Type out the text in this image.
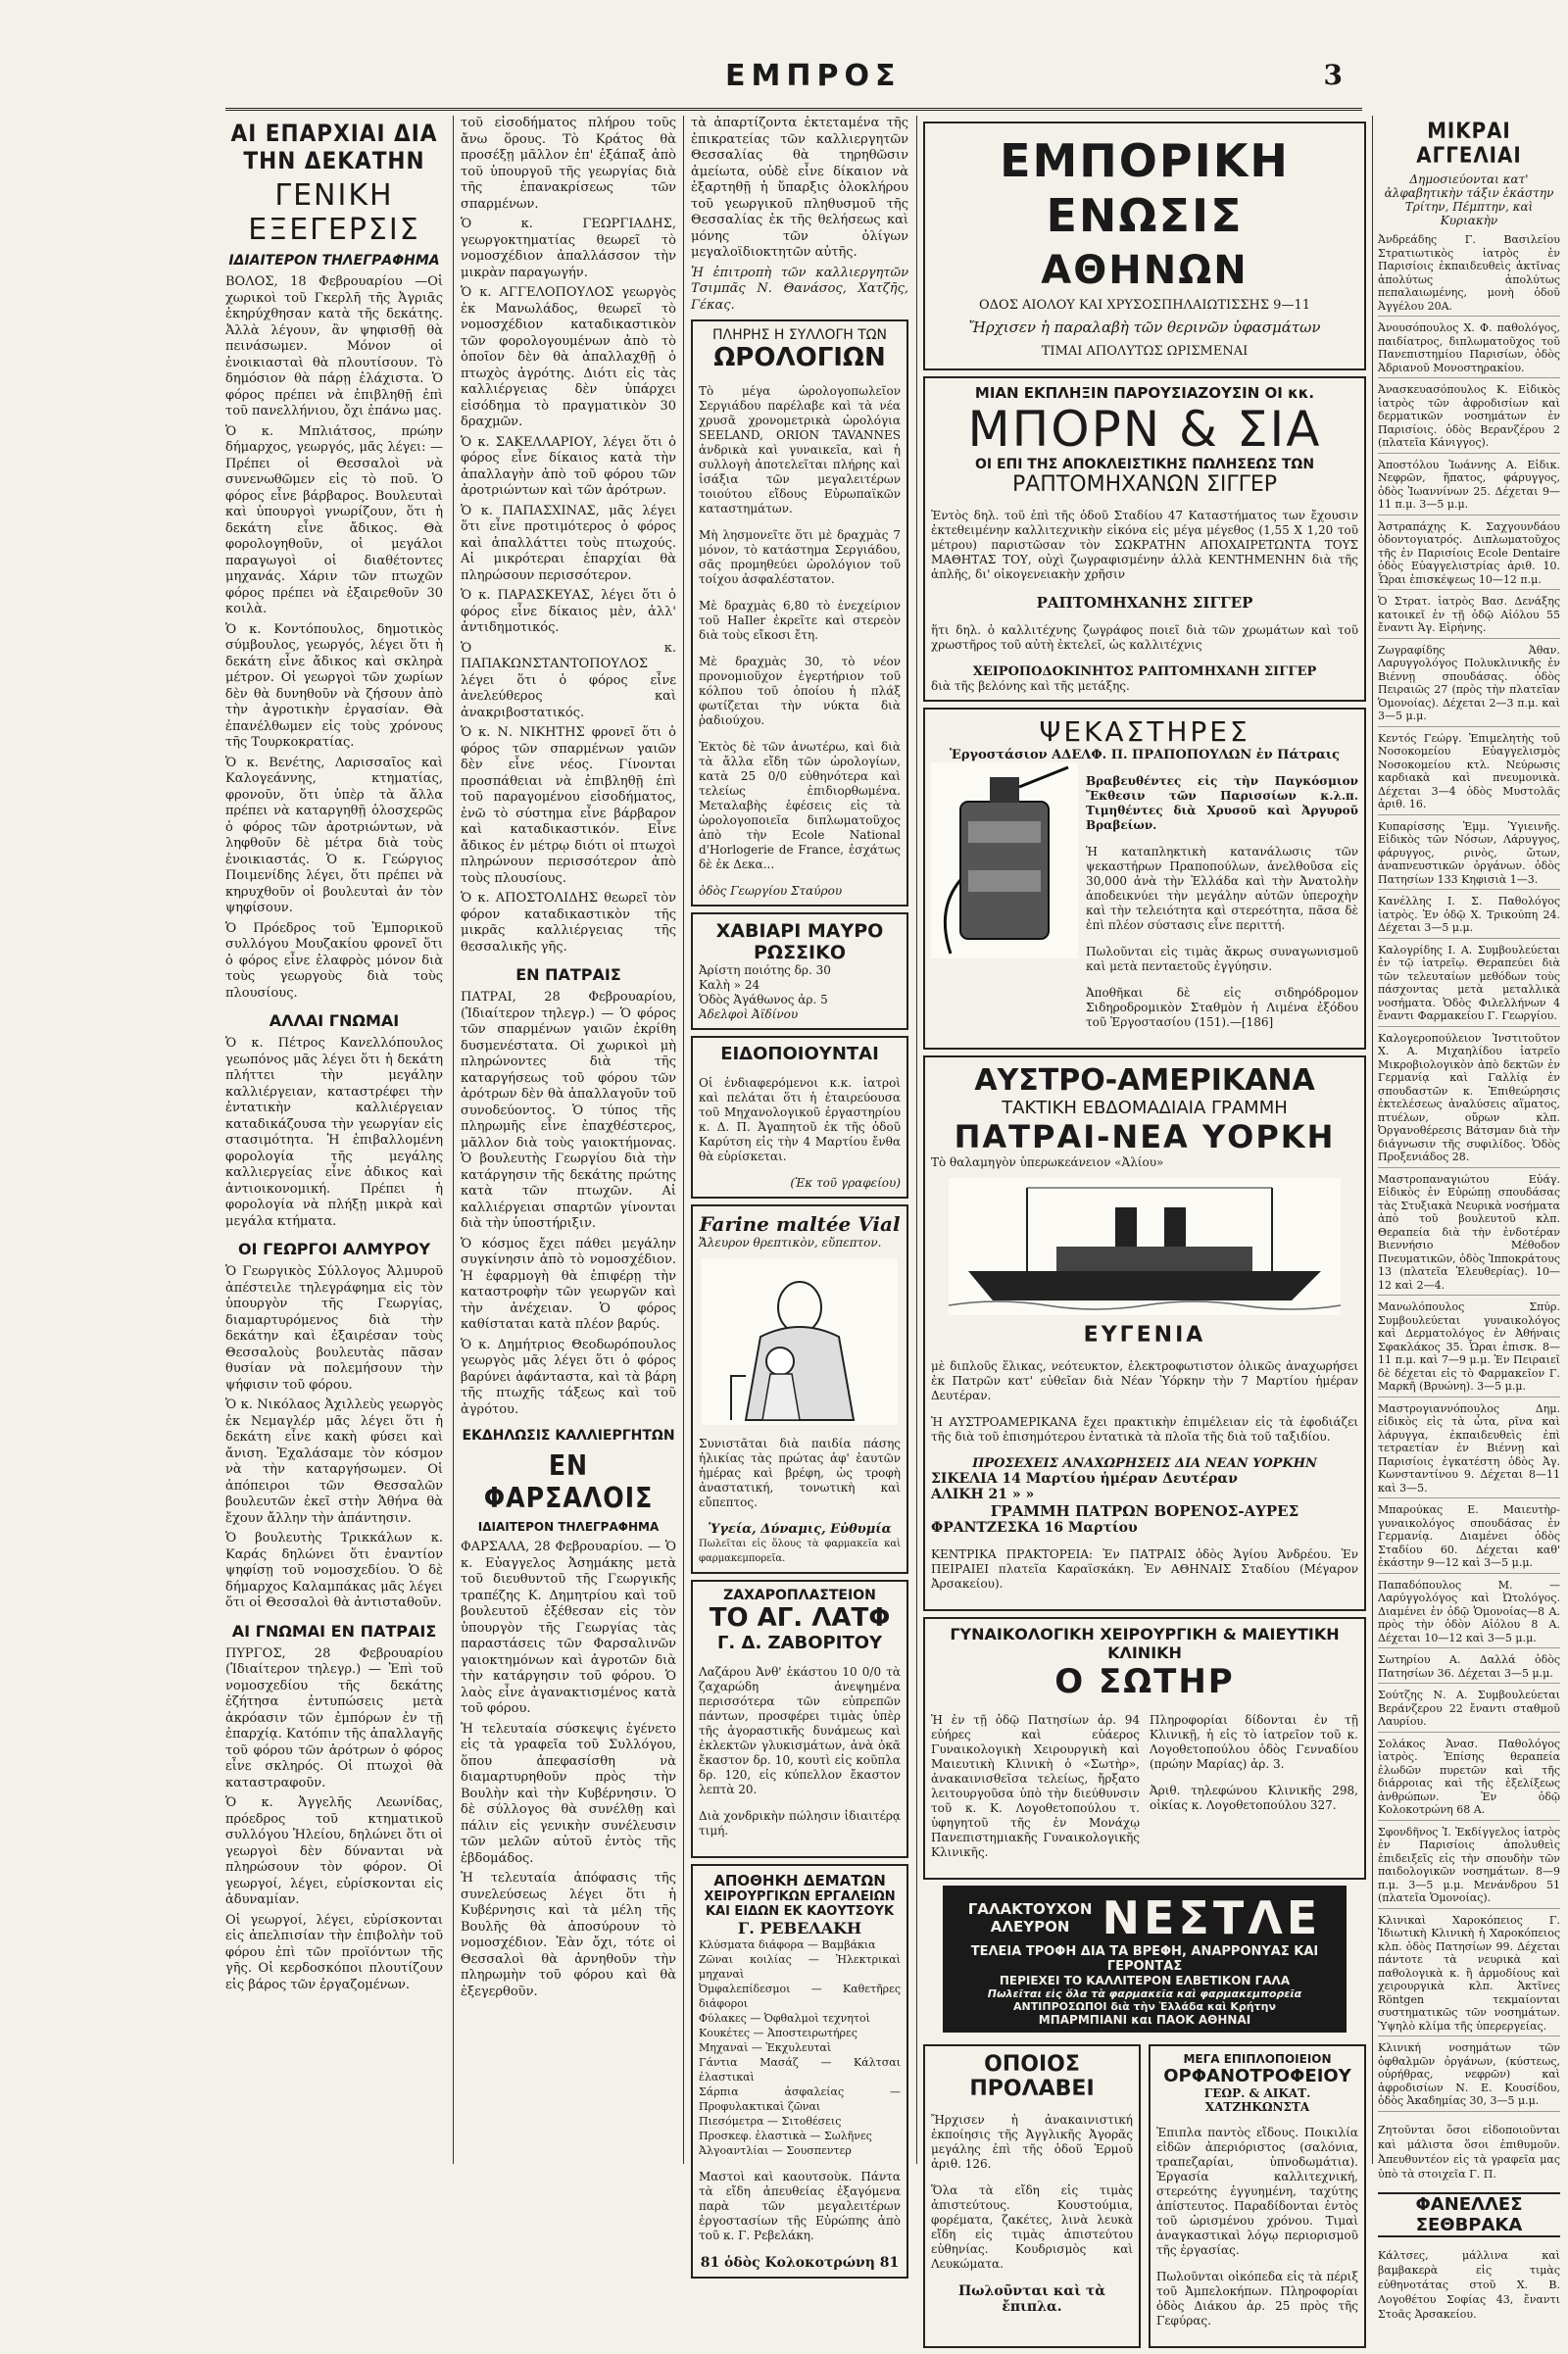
ΕΜΠΡΟΣ	3
ΑΙ ΕΠΑΡΧΙΑΙ ΔΙΑ ΤΗΝ ΔΕΚΑΤΗΝ
ΓΕΝΙΚΗ ΕΞΕΓΕΡΣΙΣ
ΙΔΙΑΙΤΕΡΟΝ ΤΗΛΕΓΡΑΦΗΜΑ

ΒΟΛΟΣ, 18 Φεβρουαρίου —Οἱ χωρικοὶ τοῦ Γκερλῆ τῆς Ἀγριᾶς ἐκηρύχθησαν κατὰ τῆς δεκάτης. Ἀλλὰ λέγουν, ἂν ψηφισθῇ θὰ πεινάσωμεν. Μόνον οἱ ἐνοικιασταὶ θὰ πλουτίσουν. Τὸ δημόσιον θὰ πάρῃ ἐλάχιστα. Ὁ φόρος πρέπει νὰ ἐπιβληθῇ ἐπὶ τοῦ πανελλήνιου, ὄχι ἐπάνω μας.

Ὁ κ. Μπλιάτσος, πρώην δήμαρχος, γεωργός, μᾶς λέγει: —Πρέπει οἱ Θεσσαλοὶ νὰ συνενωθῶμεν εἰς τὸ ποῦ. Ὁ φόρος εἶνε βάρβαρος. Βουλευταὶ καὶ ὑπουργοὶ γνωρίζουν, ὅτι ἡ δεκάτη εἶνε ἄδικος. Θὰ φορολογηθοῦν, οἱ μεγάλοι παραγωγοὶ οἱ διαθέτοντες μηχανάς. Χάριν τῶν πτωχῶν φόρος πρέπει νὰ ἐξαιρεθοῦν 30 κοιλὰ.

Ὁ κ. Κοντόπουλος, δημοτικὸς σύμβουλος, γεωργός, λέγει ὅτι ἡ δεκάτη εἶνε ἄδικος καὶ σκληρὰ μέτρον. Οἱ γεωργοὶ τῶν χωρίων δὲν θὰ δυνηθοῦν νὰ ζήσουν ἀπὸ τὴν ἀγροτικὴν ἐργασίαν. Θὰ ἐπανέλθωμεν εἰς τοὺς χρόνους τῆς Τουρκοκρατίας.

Ὁ κ. Βενέτης, Λαρισσαῖος καὶ Καλογεάννης, κτηματίας, φρονοῦν, ὅτι ὑπὲρ τὰ ἄλλα πρέπει νὰ καταργηθῇ ὁλοσχερῶς ὁ φόρος τῶν ἀροτριώντων, νὰ ληφθοῦν δὲ μέτρα διὰ τοὺς ἐνοικιαστάς. Ὁ κ. Γεώργιος Ποιμενίδης λέγει, ὅτι πρέπει νὰ κηρυχθοῦν οἱ βουλευταὶ ἀν τὸν ψηφίσουν.

Ὁ Πρόεδρος τοῦ Ἐμπορικοῦ συλλόγου Μουζακίου φρονεῖ ὅτι ὁ φόρος εἶνε ἐλαφρὸς μόνον διὰ τοὺς γεωργοὺς διὰ τοὺς πλουσίους.

ΑΛΛΑΙ ΓΝΩΜΑΙ

Ὁ κ. Πέτρος Κανελλόπουλος γεωπόνος μᾶς λέγει ὅτι ἡ δεκάτη πλήττει τὴν μεγάλην καλλιέργειαν, καταστρέφει τὴν ἐντατικὴν καλλιέργειαν καταδικάζουσα τὴν γεωργίαν εἰς στασιμότητα. Ἡ ἐπιβαλλομένη φορολογία τῆς μεγάλης καλλιεργείας εἶνε ἀδικος καὶ ἀντιοικονομική. Πρέπει ἡ φορολογία νὰ πλήξῃ μικρὰ καὶ μεγάλα κτήματα.

ΟΙ ΓΕΩΡΓΟΙ ΑΛΜΥΡΟΥ

Ὁ Γεωργικὸς Σύλλογος Ἀλμυροῦ ἀπέστειλε τηλεγράφημα εἰς τὸν ὑπουργὸν τῆς Γεωργίας, διαμαρτυρόμενος διὰ τὴν δεκάτην καὶ ἐξαιρέσαν τοὺς Θεσσαλοὺς βουλευτὰς πᾶσαν θυσίαν νὰ πολεμήσουν τὴν ψήφισιν τοῦ φόρου.

Ὁ κ. Νικόλαος Ἀχιλλεὺς γεωργὸς ἐκ Νεμαγλέρ μᾶς λέγει ὅτι ἡ δεκάτη εἶνε κακὴ φύσει καὶ ἄνιση. Ἐχαλάσαμε τὸν κόσμον νὰ τὴν καταργήσωμεν. Οἱ ἀπόπειροι τῶν Θεσσαλῶν βουλευτῶν ἐκεῖ στὴν Ἀθήνα θὰ ἔχουν ἄλλην τὴν ἀπάντησιν.

Ὁ βουλευτὴς Τρικκάλων κ. Καράς δηλώνει ὅτι ἐναντίον ψηφίσῃ τοῦ νομοσχεδίου. Ὁ δὲ δήμαρχος Καλαμπάκας μᾶς λέγει ὅτι οἱ Θεσσαλοὶ θὰ ἀντισταθοῦν.

ΑΙ ΓΝΩΜΑΙ ΕΝ ΠΑΤΡΑΙΣ

ΠΥΡΓΟΣ, 28 Φεβρουαρίου (Ἰδιαίτερον τηλεγρ.) — Ἐπὶ τοῦ νομοσχεδίου τῆς δεκάτης ἐζήτησα ἐντυπώσεις μετὰ ἀκρόασιν τῶν ἐμπόρων ἐν τῇ ἐπαρχίᾳ. Κατόπιν τῆς ἀπαλλαγῆς τοῦ φόρου τῶν ἀρότρων ὁ φόρος εἶνε σκληρός. Οἱ πτωχοὶ θὰ καταστραφοῦν.

Ὁ κ. Ἀγγελῆς Λεωνίδας, πρόεδρος τοῦ κτηματικοῦ συλλόγου Ἠλείου, δηλώνει ὅτι οἱ γεωργοὶ δὲν δύνανται νὰ πληρώσουν τὸν φόρον. Οἱ γεωργοί, λέγει, εὑρίσκονται εἰς ἀδυναμίαν.

Οἱ γεωργοί, λέγει, εὑρίσκονται εἰς ἀπελπισίαν τὴν ἐπιβολὴν τοῦ φόρου ἐπὶ τῶν προϊόντων τῆς γῆς. Οἱ κερδοσκόποι πλουτίζουν εἰς βάρος τῶν ἐργαζομένων.

τοῦ εἰσοδήματος πλήρου τοῦς ἄνω ὅρους. Τὸ Κράτος θὰ προσέξῃ μᾶλλον ἐπ' ἐξάπαξ ἀπὸ τοῦ ὑπουργοῦ τῆς γεωργίας διὰ τῆς ἐπανακρίσεως τῶν σπαρμένων.

Ὁ κ. ΓΕΩΡΓΙΑΔΗΣ, γεωργοκτηματίας θεωρεῖ τὸ νομοσχέδιον ἀπαλλάσσον τὴν μικρὰν παραγωγήν.

Ὁ κ. ΑΓΓΕΛΟΠΟΥΛΟΣ γεωργὸς ἐκ Μανωλάδος, θεωρεῖ τὸ νομοσχέδιον καταδικαστικὸν τῶν φορολογουμένων ἀπὸ τὸ ὁποῖον δὲν θὰ ἀπαλλαχθῇ ὁ πτωχὸς ἀγρότης. Διότι εἰς τὰς καλλιέργειας δὲν ὑπάρχει εἰσόδημα τὸ πραγματικὸν 30 δραχμῶν.

Ὁ κ. ΣΑΚΕΛΛΑΡΙΟΥ, λέγει ὅτι ὁ φόρος εἶνε δίκαιος κατὰ τὴν ἀπαλλαγὴν ἀπὸ τοῦ φόρου τῶν ἀροτριώντων καὶ τῶν ἀρότρων.

Ὁ κ. ΠΑΠΑΣΧΙΝΑΣ, μᾶς λέγει ὅτι εἶνε προτιμότερος ὁ φόρος καὶ ἀπαλλάττει τοὺς πτωχούς. Αἱ μικρότεραι ἐπαρχίαι θὰ πληρώσουν περισσότερον.

Ὁ κ. ΠΑΡΑΣΚΕΥΑΣ, λέγει ὅτι ὁ φόρος εἶνε δίκαιος μὲν, ἀλλ' ἀντιδημοτικός.

Ὁ κ. ΠΑΠΑΚΩΝΣΤΑΝΤΟΠΟΥΛΟΣ λέγει ὅτι ὁ φόρος εἶνε ἀνελεύθερος καὶ ἀνακριβοστατικός.

Ὁ κ. Ν. ΝΙΚΗΤΗΣ φρονεῖ ὅτι ὁ φόρος τῶν σπαρμένων γαιῶν δὲν εἶνε νέος. Γίνονται προσπάθειαι νὰ ἐπιβληθῇ ἐπὶ τοῦ παραγομένου εἰσοδήματος, ἐνῶ τὸ σύστημα εἶνε βάρβαρον καὶ καταδικαστικόν. Εἶνε ἄδικος ἐν μέτρῳ διότι οἱ πτωχοὶ πληρώνουν περισσότερον ἀπὸ τοὺς πλουσίους.

Ὁ κ. ΑΠΟΣΤΟΛΙΔΗΣ θεωρεῖ τὸν φόρον καταδικαστικὸν τῆς μικρᾶς καλλιέργειας τῆς θεσσαλικῆς γῆς.

ΕΝ ΠΑΤΡΑΙΣ

ΠΑΤΡΑΙ, 28 Φεβρουαρίου, (Ἰδιαίτερον τηλεγρ.) — Ὁ φόρος τῶν σπαρμένων γαιῶν ἐκρίθη δυσμενέστατα. Οἱ χωρικοὶ μὴ πληρώνοντες διὰ τῆς καταργήσεως τοῦ φόρου τῶν ἀρότρων δὲν θὰ ἀπαλλαγοῦν τοῦ συνοδεύοντος. Ὁ τύπος τῆς πληρωμῆς εἶνε ἐπαχθέστερος, μᾶλλον διὰ τοὺς γαιοκτήμονας. Ὁ βουλευτὴς Γεωργίου διὰ τὴν κατάργησιν τῆς δεκάτης πρώτης κατὰ τῶν πτωχῶν. Αἱ καλλιέργειαι σπαρτῶν γίνονται διὰ τὴν ὑποστήριξιν.

Ὁ κόσμος ἔχει πάθει μεγάλην συγκίνησιν ἀπὸ τὸ νομοσχέδιον. Ἡ ἐφαρμογὴ θὰ ἐπιφέρῃ τὴν καταστροφὴν τῶν γεωργῶν καὶ τὴν ἀνέχειαν. Ὁ φόρος καθίσταται κατὰ πλέον βαρύς.

Ὁ κ. Δημήτριος Θεοδωρόπουλος γεωργὸς μᾶς λέγει ὅτι ὁ φόρος βαρύνει ἀφάνταστα, καὶ τὰ βάρη τῆς πτωχῆς τάξεως καὶ τοῦ ἀγρότου.

ΕΚΔΗΛΩΣΙΣ ΚΑΛΛΙΕΡΓΗΤΩΝ
ΕΝ ΦΑΡΣΑΛΟΙΣ
ΙΔΙΑΙΤΕΡΟΝ ΤΗΛΕΓΡΑΦΗΜΑ

ΦΑΡΣΑΛΑ, 28 Φεβρουαρίου. — Ὁ κ. Εὐαγγελος Ἀσημάκης μετὰ τοῦ διευθυντοῦ τῆς Γεωργικῆς τραπέζης Κ. Δημητρίου καὶ τοῦ βουλευτοῦ ἐξέθεσαν εἰς τὸν ὑπουργὸν τῆς Γεωργίας τὰς παραστάσεις τῶν Φαρσαλινῶν γαιοκτημόνων καὶ ἀγροτῶν διὰ τὴν κατάργησιν τοῦ φόρου. Ὁ λαὸς εἶνε ἀγανακτισμένος κατὰ τοῦ φόρου.

Ἡ τελευταία σύσκεψις ἐγένετο εἰς τὰ γραφεῖα τοῦ Συλλόγου, ὅπου ἀπεφασίσθη νὰ διαμαρτυρηθοῦν πρὸς τὴν Βουλὴν καὶ τὴν Κυβέρνησιν. Ὁ δὲ σύλλογος θὰ συνέλθῃ καὶ πάλιν εἰς γενικὴν συνέλευσιν τῶν μελῶν αὐτοῦ ἐντὸς τῆς ἑβδομάδος.

Ἡ τελευταία ἀπόφασις τῆς συνελεύσεως λέγει ὅτι ἡ Κυβέρνησις καὶ τὰ μέλη τῆς Βουλῆς θὰ ἀποσύρουν τὸ νομοσχέδιον. Ἐὰν ὄχι, τότε οἱ Θεσσαλοὶ θὰ ἀρνηθοῦν τὴν πληρωμὴν τοῦ φόρου καὶ θὰ ἐξεγερθοῦν.

τὰ ἀπαρτίζοντα ἐκτεταμένα τῆς ἐπικρατείας τῶν καλλιεργητῶν Θεσσαλίας θὰ τηρηθῶσιν ἀμείωτα, οὐδὲ εἶνε δίκαιον νὰ ἐξαρτηθῇ ἡ ὕπαρξις ὁλοκλήρου τοῦ γεωργικοῦ πληθυσμοῦ τῆς Θεσσαλίας ἐκ τῆς θελήσεως καὶ μόνης τῶν ὀλίγων μεγαλοϊδιοκτητῶν αὐτῆς.

Ἡ ἐπιτροπὴ τῶν καλλιεργητῶν Τσιμπᾶς Ν. Θανάσος, Χατζῆς, Γέκας.

ΠΛΗΡΗΣ Η ΣΥΛΛΟΓΗ ΤΩΝ
ΩΡΟΛΟΓΙΩΝ

Τὸ μέγα ὡρολογοπωλεῖον Σεργιάδου παρέλαβε καὶ τὰ νέα χρυσᾶ χρονομετρικὰ ὡρολόγια SEELAND, ORION TAVANNES ἀνδρικὰ καὶ γυναικεῖα, καὶ ἡ συλλογὴ ἀποτελεῖται πλήρης καὶ ἰσάξια τῶν μεγαλειτέρων τοιούτου εἴδους Εὐρωπαϊκῶν καταστημάτων.

Μὴ λησμονεῖτε ὅτι μὲ δραχμὰς 7 μόνον, τὸ κατάστημα Σεργιάδου, σᾶς προμηθεύει ὡρολόγιον τοῦ τοίχου ἀσφαλέστατον.

Μὲ δραχμὰς 6,80 τὸ ἐνεχείριον τοῦ HaIler ἐκρεῖτε καὶ στερεὸν διὰ τοὺς εἴκοσι ἔτη.

Μὲ δραχμὰς 30, τὸ νέον προνομιοῦχον ἐγερτήριον τοῦ κόλπου τοῦ ὁποίου ἡ πλάξ φωτίζεται τὴν νύκτα διὰ ῥαδιούχου.

Ἐκτὸς δὲ τῶν ἀνωτέρω, καὶ διὰ τὰ ἄλλα εἴδη τῶν ὡρολογίων, κατὰ 25 0/0 εὐθηνότερα καὶ τελείως ἐπιδιορθωμένα. Μεταλαβὴς ἐφέσεις εἰς τὰ ὡρολογοποιεῖα διπλωματοῦχος ἀπὸ τὴν Ecole National d'Horlogerie de France, ἐσχάτως δὲ ἐκ Δεκα...

ὁδὸς Γεωργίου Σταύρου
ΧΑΒΙΑΡΙ ΜΑΥΡΟ ΡΩΣΣΙΚΟ
Ἀρίστη ποιότης δρ. 30
Καλὴ » 24
Ὁδὸς Ἀγάθωνος ἀρ. 5
Ἀδελφοὶ Ἀϊδίνου
ΕΙΔΟΠΟΙΟΥΝΤΑΙ

Οἱ ἐνδιαφερόμενοι κ.κ. ἰατροὶ καὶ πελάται ὅτι ἡ ἐταιρεύουσα τοῦ Μηχανολογικοῦ ἐργαστηρίου κ. Δ. Π. Ἀγαπητοῦ ἐκ τῆς ὁδοῦ Καρύτση εἰς τὴν 4 Μαρτίου ἔνθα θὰ εὑρίσκεται.

(Ἐκ τοῦ γραφείου)
Farine maltée Vial
Ἄλευρον θρεπτικὸν, εὔπεπτον.

Συνιστᾶται διὰ παιδία πάσης ἡλικίας τὰς πρώτας ἀφ' ἑαυτῶν ἡμέρας καὶ βρέφη, ὡς τροφὴ ἀναστατική, τονωτικὴ καὶ εὔπεπτος.

Ὑγεία, Δύναμις, Εὐθυμία
Πωλεῖται εἰς ὅλους τὰ φαρμακεῖα καὶ φαρμακεμπορεῖα.
ΖΑΧΑΡΟΠΛΑΣΤΕΙΟΝ
ΤΟ ΑΓ. ΛΑΤΦ
Γ. Δ. ΖΑΒΟΡΙΤΟΥ

Λαζάρου Ἀνθ' ἑκάστου 10 0/0 τὰ ζαχαρώδη ἀνεψημένα περισσότερα τῶν εὐπρεπῶν πάντων, προσφέρει τιμὰς ὑπὲρ τῆς ἀγοραστικῆς δυνάμεως καὶ ἐκλεκτῶν γλυκισμάτων, ἀνὰ ὀκᾶ ἔκαστον δρ. 10, κουτὶ εἰς κοῦπλα δρ. 120, εἰς κύπελλον ἔκαστον λεπτὰ 20.

Διὰ χονδρικὴν πώλησιν ἰδιαιτέρᾳ τιμή.

ΑΠΟΘΗΚΗ ΔΕΜΑΤΩΝ
ΧΕΙΡΟΥΡΓΙΚΩΝ ΕΡΓΑΛΕΙΩΝ
ΚΑΙ ΕΙΔΩΝ ΕΚ ΚΑΟΥΤΣΟΥΚ
Γ. ΡΕΒΕΛΑΚΗ
Κλύσματα διάφορα — Βαμβάκια
Ζῶναι κοιλίας — Ἠλεκτρικαὶ μηχαναὶ
Ὀμφαλεπίδεσμοι — Καθετῆρες διάφοροι
Φύλακες — Ὀφθαλμοὶ τεχνητοὶ
Κουκέτες — Ἀποστειρωτήρες
Μηχαναὶ — Ἐκχυλευταὶ
Γάντια Μασάζ — Κάλτσαι ἐλαστικαὶ
Σάρπια ἀσφαλείας — Προφυλακτικαὶ ζῶναι
Πιεσόμετρα — Σιτοθέσεις
Προσκεφ. ἐλαστικὰ — Σωλῆνες
Ἀλγοαντλίαι — Σουσπεντερ

Μαστοὶ καὶ καουτσοὺκ. Πάντα τὰ εἴδη ἀπευθείας ἐξαγόμενα παρὰ τῶν μεγαλειτέρων ἐργοστασίων τῆς Εὐρώπης ἀπὸ τοῦ κ. Γ. Ρεβελάκη.

81 ὁδὸς Κολοκοτρώνη 81
ΕΜΠΟΡΙΚΗ ΕΝΩΣΙΣ
ΑΘΗΝΩΝ
ΟΔΟΣ ΑΙΟΛΟΥ ΚΑΙ ΧΡΥΣΟΣΠΗΛΑΙΩΤΙΣΣΗΣ 9—11
Ἤρχισεν ἡ παραλαβὴ τῶν θερινῶν ὑφασμάτων
ΤΙΜΑΙ ΑΠΟΛΥΤΩΣ ΩΡΙΣΜΕΝΑΙ
ΜΙΑΝ ΕΚΠΛΗΞΙΝ ΠΑΡΟΥΣΙΑΖΟΥΣΙΝ ΟΙ κκ.
ΜΠΟΡΝ & ΣΙΑ
ΟΙ ΕΠΙ ΤΗΣ ΑΠΟΚΛΕΙΣΤΙΚΗΣ ΠΩΛΗΣΕΩΣ ΤΩΝ
ΡΑΠΤΟΜΗΧΑΝΩΝ ΣΙΓΓΕΡ

Ἐντὸς δηλ. τοῦ ἐπὶ τῆς ὁδοῦ Σταδίου 47 Καταστήματος των ἔχουσιν ἐκτεθειμένην καλλιτεχνικὴν εἰκόνα εἰς μέγα μέγεθος (1,55 Χ 1,20 τοῦ μέτρου) παριστῶσαν τὸν ΣΩΚΡΑΤΗΝ ΑΠΟΧΑΙΡΕΤΩΝΤΑ ΤΟΥΣ ΜΑΘΗΤΑΣ ΤΟΥ, οὐχὶ ζωγραφισμένην ἀλλὰ ΚΕΝΤΗΜΕΝΗΝ διὰ τῆς ἁπλῆς, δι' οἰκογενειακὴν χρῆσιν

ΡΑΠΤΟΜΗΧΑΝΗΣ ΣΙΓΓΕΡ

ἥτι δηλ. ὁ καλλιτέχνης ζωγράφος ποιεῖ διὰ τῶν χρωμάτων καὶ τοῦ χρωστῆρος τοῦ αὐτὴ ἐκτελεῖ, ὡς καλλιτέχνις

ΧΕΙΡΟΠΟΔΟΚΙΝΗΤΟΣ ΡΑΠΤΟΜΗΧΑΝΗ ΣΙΓΓΕΡ
διὰ τῆς βελόνης καὶ τῆς μετάξης.
ΨΕΚΑΣΤΗΡΕΣ
Ἐργοστάσιον ΑΔΕΛΦ. Π. ΠΡΑΠΟΠΟΥΛΩΝ ἐν Πάτραις

Βραβευθέντες εἰς τὴν Παγκόσμιον Ἔκθεσιν τῶν Παρισσίων κ.λ.π. Τιμηθέντες διὰ Χρυσοῦ καὶ Ἀργυροῦ Βραβείων.

Ἡ καταπληκτικὴ κατανάλωσις τῶν ψεκαστήρων Πραποπούλων, ἀνελθοῦσα εἰς 30,000 ἀνὰ τὴν Ἑλλάδα καὶ τὴν Ἀνατολὴν ἀποδεικνύει τὴν μεγάλην αὐτῶν ὑπεροχὴν καὶ τὴν τελειότητα καὶ στερεότητα, πᾶσα δὲ ἐπὶ πλέον σύστασις εἶνε περιττή.

Πωλοῦνται εἰς τιμὰς ἄκρως συναγωνισμοῦ καὶ μετὰ πενταετοῦς ἐγγύησιν.

Ἀποθῆκαι δὲ εἰς σιδηρόδρομον Σιδηροδρομικὸν Σταθμὸν ἡ Λιμένα ἐξόδου τοῦ Ἐργοστασίου (151).—[186]

ΑΥΣΤΡΟ-ΑΜΕΡΙΚΑΝΑ
ΤΑΚΤΙΚΗ ΕΒΔΟΜΑΔΙΑΙΑ ΓΡΑΜΜΗ
ΠΑΤΡΑΙ-ΝΕΑ ΥΟΡΚΗ
Τὸ θαλαμηγὸν ὑπερωκεάνειον «Ἀλίου»
ΕΥΓΕΝΙΑ

μὲ διπλοῦς ἕλικας, νεότευκτον, ἐλεκτροφωτιστον ὁλικῶς ἀναχωρήσει ἐκ Πατρῶν κατ' εὐθεῖαν διὰ Νέαν Ὑόρκην τὴν 7 Μαρτίου ἡμέραν Δευτέραν.

Ἡ ΑΥΣΤΡΟΑΜΕΡΙΚΑΝΑ ἔχει πρακτικὴν ἐπιμέλειαν εἰς τὰ ἐφοδιάζει τῆς διὰ τοῦ ἐπισημότερου ἐντατικὰ τὰ πλοῖα τῆς διὰ τοῦ ταξιδίου.

ΠΡΟΣΕΧΕΙΣ ΑΝΑΧΩΡΗΣΕΙΣ ΔΙΑ ΝΕΑΝ ΥΟΡΚΗΝ
ΣΙΚΕΛΙΑ 14 Μαρτίου ἡμέραν Δευτέραν
ΑΛΙΚΗ 21 » »
ΓΡΑΜΜΗ ΠΑΤΡΩΝ ΒΟΡΕΝΟΣ-ΑΥΡΕΣ
ΦΡΑΝΤΖΕΣΚΑ 16 Μαρτίου

ΚΕΝΤΡΙΚΑ ΠΡΑΚΤΟΡΕΙΑ: Ἐν ΠΑΤΡΑΙΣ ὁδὸς Ἁγίου Ἀνδρέου. Ἐν ΠΕΙΡΑΙΕΙ πλατεῖα Καραϊσκάκη. Ἐν ΑΘΗΝΑΙΣ Σταδίου (Μέγαρον Ἀρσακείου).

ΓΥΝΑΙΚΟΛΟΓΙΚΗ ΧΕΙΡΟΥΡΓΙΚΗ & ΜΑΙΕΥΤΙΚΗ ΚΛΙΝΙΚΗ
Ο ΣΩΤΗΡ

Ἡ ἐν τῇ ὁδῷ Πατησίων ἀρ. 94 εὐήρες καὶ εὐάερος Γυναικολογικὴ Χειρουργικὴ καὶ Μαιευτικὴ Κλινικὴ ὁ «Σωτὴρ», ἀνακαινισθεῖσα τελείως, ἤρξατο λειτουργοῦσα ὑπὸ τὴν διεύθυνσιν τοῦ κ. Κ. Λογοθετοπούλου τ. ὑφηγητοῦ τῆς ἐν Μονάχῳ Πανεπιστημιακῆς Γυναικολογικῆς Κλινικῆς.

Πληροφορίαι δίδονται ἐν τῇ Κλινικῇ, ἡ εἰς τὸ ἰατρεῖον τοῦ κ. Λογοθετοπούλου ὁδὸς Γενναδίου (πρώην Μαρίας) ἀρ. 3.

Ἀριθ. τηλεφώνου Κλινικῆς 298, οἰκίας κ. Λογοθετοπούλου 327.

ΓΑΛΑΚΤΟΥΧΟΝ
ΑΛΕΥΡΟΝ ΝΕΣΤΛΕ
ΤΕΛΕΙΑ ΤΡΟΦΗ ΔΙΑ ΤΑ ΒΡΕΦΗ, ΑΝΑΡΡΟΝΥΑΣ ΚΑΙ ΓΕΡΟΝΤΑΣ
ΠΕΡΙΕΧΕΙ ΤΟ ΚΑΛΛΙΤΕΡΟΝ ΕΛΒΕΤΙΚΟΝ ΓΑΛΑ
Πωλεῖται εἰς ὅλα τὰ φαρμακεῖα καὶ φαρμακεμπορεῖα
ΑΝΤΙΠΡΟΣΩΠΟΙ διὰ τὴν Ἑλλάδα καὶ Κρήτην
ΜΠΑΡΜΠΙΑΝΙ και ΠΑΟΚ ΑΘΗΝΑΙ
ΟΠΟΙΟΣ ΠΡΟΛΑΒΕΙ

Ἤρχισεν ἡ ἀνακαινιστική ἐκποίησις τῆς Ἀγγλικῆς Ἀγορᾶς μεγάλης ἐπὶ τῆς ὁδοῦ Ἑρμοῦ ἀριθ. 126.

Ὅλα τὰ εἴδη εἰς τιμὰς ἀπιστεύτους. Κουστούμια, φορέματα, ζακέτες, λινὰ λευκὰ εἴδη εἰς τιμὰς ἀπιστεύτου εὐθηνίας. Κουδρισμὸς καὶ Λευκώματα.

Πωλοῦνται καὶ τὰ ἔπιπλα.
ΜΕΓΑ ΕΠΙΠΛΟΠΟΙΕΙΟΝ
ΟΡΦΑΝΟΤΡΟΦΕΙΟΥ
ΓΕΩΡ. & ΑΙΚΑΤ. ΧΑΤΖΗΚΩΝΣΤΑ

Ἐπιπλα παντὸς εἴδους. Ποικιλία εἰδῶν ἀπεριόριστος (σαλόνια, τραπεζαρίαι, ὑπνοδωμάτια). Ἐργασία καλλιτεχνική, στερεότης ἐγγυημένη, ταχύτης ἀπίστευτος. Παραδίδονται ἐντὸς τοῦ ὡρισμένου χρόνου. Τιμαὶ ἀναγκαστικαὶ λόγῳ περιορισμοῦ τῆς ἐργασίας.

Πωλοῦνται οἰκόπεδα εἰς τὰ πέριξ τοῦ Ἀμπελοκήπων. Πληροφορίαι ὁδὸς Διάκου ἀρ. 25 πρὸς τῆς Γεφύρας.

ΜΙΚΡΑΙ ΑΓΓΕΛΙΑΙ
Δημοσιεύονται κατ' ἀλφαβητικὴν τάξιν ἑκάστην Τρίτην, Πέμπτην, καὶ Κυριακὴν

Ἀνδρεάδης Γ. Βασιλείου Στρατιωτικὸς ἰατρὸς ἐν Παρισίοις ἐκπαιδευθεὶς ἀκτῖνας ἀπολύτως ἀπολύτως πεπαλαιωμένης, μονὴ ὁδοῦ Ἀγγέλου 20Α.

Ἀνουσόπουλος Χ. Φ. παθολόγος, παιδίατρος, διπλωματοῦχος τοῦ Πανεπιστημίου Παρισίων, ὁδὸς Ἀδριανοῦ Μονοστηρακίου.

Ἀνασκευασόπουλος Κ. Εἰδικὸς ἰατρὸς τῶν ἀφροδισίων καὶ δερματικῶν νοσημάτων ἐν Παρισίοις. ὁδὸς Βερανζέρου 2 (πλατεῖα Κάνιγγος).

Ἀποστόλου Ἰωάννης Α. Εἰδικ. Νεφρῶν, ἥπατος, φάρυγγος, ὁδὸς Ἰωαννίνων 25. Δέχεται 9—11 π.μ. 3—5 μ.μ.

Ἀστραπάχης Κ. Σαχγουνδάου ὀδοντογιατρός. Διπλωματοῦχος τῆς ἐν Παρισίοις Ecole Dentaire ὁδὸς Εὐαγγελιστρίας ἀριθ. 10. Ὧραι ἐπισκέψεως 10—12 π.μ.

Ὁ Στρατ. ἰατρὸς Βασ. Δενάξης κατοικεῖ ἐν τῇ ὁδῷ Αἰόλου 55 ἔναντι Ἁγ. Εἰρήνης.

Ζωγραφίδης Ἀθαν. Λαρυγγολόγος Πολυκλινικῆς ἐν Βιέννῃ σπουδάσας. ὁδὸς Πειραιῶς 27 (πρὸς τὴν πλατεῖαν Ὁμονοίας). Δέχεται 2—3 π.μ. καὶ 3—5 μ.μ.

Κεντός Γεώργ. Ἐπιμελητὴς τοῦ Νοσοκομείου Εὐαγγελισμὸς Νοσοκομείου κτλ. Νεύρωσις καρδιακὰ καὶ πνευμονικὰ. Δέχεται 3—4 ὁδὸς Μυστολᾶς ἀριθ. 16.

Κυπαρίσσης Ἐμμ. Ὑγιεινῆς. Εἰδικὸς τῶν Νόσων, Λάρυγγος, φάρυγγος, ρινὸς, ὤτων, ἀναπνευστικῶν ὀργάνων. ὁδὸς Πατησίων 133 Κηφισιὰ 1—3.

Κανέλλης Ι. Σ. Παθολόγος ἰατρὸς. Ἐν ὁδῷ Χ. Τρικούπη 24. Δέχεται 3—5 μ.μ.

Καλογρίδης Ι. Α. Συμβουλεύεται ἐν τῷ ἰατρεῖῳ. Θεραπεύει διὰ τῶν τελευταίων μεθόδων τοὺς πάσχοντας μετὰ μεταλλικὰ νοσήματα. Ὁδὸς Φιλελλήνων 4 ἔναντι Φαρμακείου Γ. Γεωργίου.

Καλογεροπούλειον Ἰνστιτοῦτον Χ. Α. Μιχαηλίδου ἰατρεῖο Μικροβιολογικὸν ἀπὸ δεκτῶν ἐν Γερμανίᾳ καὶ Γαλλίᾳ ἐν σπουδαστῶν κ. Ἐπιθεώρησις ἐκτελέσεως ἀναλύσεις αἵματος, πτυέλων, οὔρων κλπ. Ὀργανοθέρεσις Βάτσμαν διὰ τὴν διάγνωσιν τῆς συφιλίδος. Ὁδὸς Προξενιάδος 28.

Μαστροπαναγιώτου Εὐάγ. Εἰδικὸς ἐν Εὐρώπῃ σπουδάσας τὰς Στυξιακὰ Νευρικὰ νοσήματα ἀπὸ τοῦ βουλευτοῦ κλπ. Θεραπεία διὰ τὴν ἐνδοτέραν Βιεννήσιο Μέθοδον Πνευματικῶν, ὁδὸς Ἱπποκράτους 13 (πλατεῖα Ἐλευθερίας). 10—12 καὶ 2—4.

Μανωλόπουλος Σπύρ. Συμβουλεύεται γυναικολόγος καὶ Δερματολόγος ἐν Ἀθήναις Σφακλάκος 35. Ὧραι ἐπισκ. 8—11 π.μ. καὶ 7—9 μ.μ. Ἐν Πειραιεῖ δὲ δέχεται εἰς τὸ Φαρμακεῖον Γ. Μαρκῆ (Βρυώνη). 3—5 μ.μ.

Μαστρογιαννόπουλος Δημ. εἰδικὸς εἰς τὰ ὦτα, ρῖνα καὶ λάρυγγα, ἐκπαιδευθεὶς ἐπὶ τετραετίαν ἐν Βιέννῃ καὶ Παρισίοις ἐγκατέστη ὁδὸς Ἀγ. Κωνσταντίνου 9. Δέχεται 8—11 καὶ 3—5.

Μπαρούκας Ε. Μαιευτὴρ-γυναικολόγος σπουδάσας ἐν Γερμανίᾳ. Διαμένει ὁδὸς Σταδίου 60. Δέχεται καθ' ἑκάστην 9—12 καὶ 3—5 μ.μ.

Παπαδόπουλος Μ. — Λαρύγγολόγος καὶ Ὠτολόγος. Διαμένει ἐν ὁδῷ Ὁμονοίας—8 Α. πρὸς τὴν ὁδὸν Αἰόλου 8 Α. Δέχεται 10—12 καὶ 3—5 μ.μ.

Σωτηρίου Α. Δαλλά ὁδὸς Πατησίων 36. Δέχεται 3—5 μ.μ.

Σούτζης Ν. Α. Συμβουλεύεται Βεράνζερου 22 ἔναντι σταθμοῦ Λαυρίου.

Σολάκος Ἀνασ. Παθολόγος ἰατρὸς. Ἐπίσης θεραπεία ἐλωδῶν πυρετῶν καὶ τῆς διάρροιας καὶ τῆς ἐξελίξεως ἀνθρώπων. Ἐν ὁδῷ Κολοκοτρώνη 68 Α.

Σφονδῆνος Ἰ. Ἐκδίγγελος ἰατρὸς ἐν Παρισίοις ἀπολυθεὶς ἐπιδειξεῖς εἰς τὴν σπουδὴν τῶν παιδολογικῶν νοσημάτων. 8—9 π.μ. 3—5 μ.μ. Μενάνδρου 51 (πλατεῖα Ὁμονοίας).

Κλινικαὶ Χαροκόπειος Γ. Ἰδιωτικὴ Κλινικὴ ἡ Χαροκόπειος κλπ. ὁδὸς Πατησίων 99. Δέχεται πάντοτε τὰ νευρικὰ καὶ παθολογικὰ κ. ἢ ἀρμοδίους καὶ χειρουργικὰ κλπ. Ἀκτῖνες Röntgen τεκμαίονται συστηματικῶς τῶν νοσημάτων. Ὑψηλὸ κλίμα τῆς ὑπερεργείας.

Κλινική νοσημάτων τῶν ὀφθαλμῶν ὀργάνων, (κύστεως, οὐρήθρας, νεφρῶν) καὶ ἀφροδισίων Ν. Ε. Κουσίδου, ὁδὸς Ἀκαδημίας 30, 3—5 μ.μ.

Ζητοῦνται ὅσοι εἰδοποιοῦνται καὶ μάλιστα ὅσοι ἐπιθυμοῦν. Ἀπευθυντέον εἰς τὰ γραφεῖα μας ὑπὸ τὰ στοιχεῖα Γ. Π.

ΦΑΝΕΛΛΕΣ ΣΕΘΒΡΑΚΑ

Κάλτσες, μάλλινα καὶ βαμβακερὰ εἰς τιμὰς εὐθηνοτάτας στοῦ Χ. Β. Λογοθέτου Σοφίας 43, ἔναντι Στοᾶς Ἀρσακείου.
